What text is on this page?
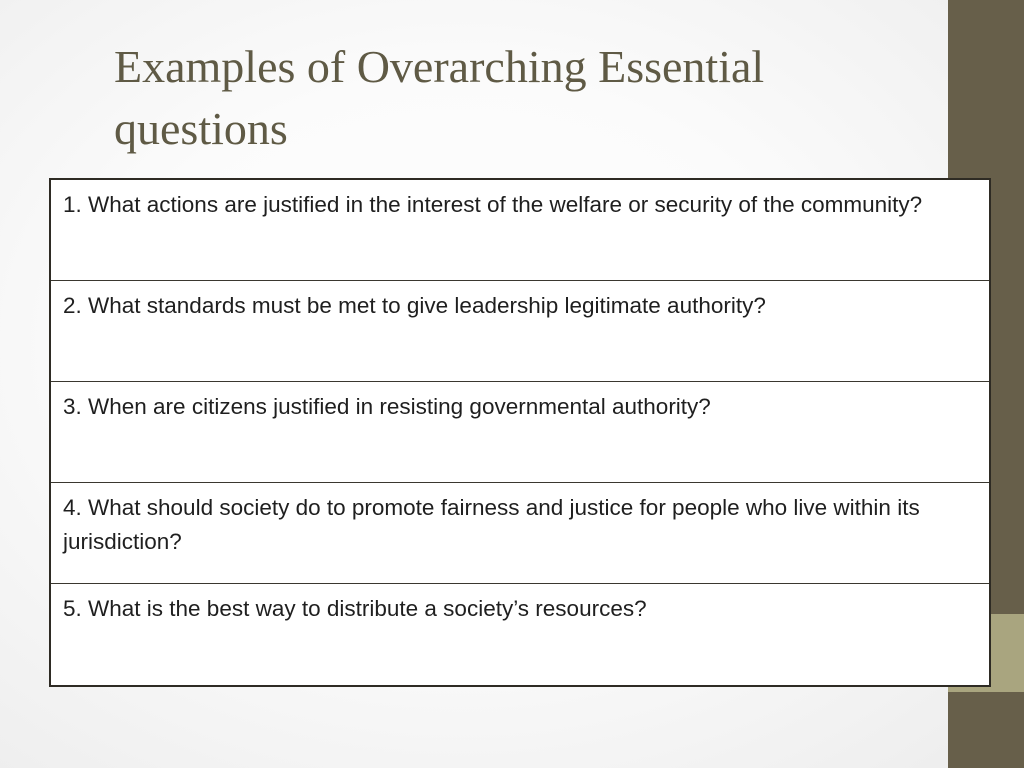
Examples of Overarching Essential questions
1. What actions are justified in the interest of the welfare or security of the community?
2. What standards must be met to give leadership legitimate authority?
3. When are citizens justified in resisting governmental authority?
4. What should society do to promote fairness and justice for people who live within its jurisdiction?
5. What is the best way to distribute a society’s resources?
